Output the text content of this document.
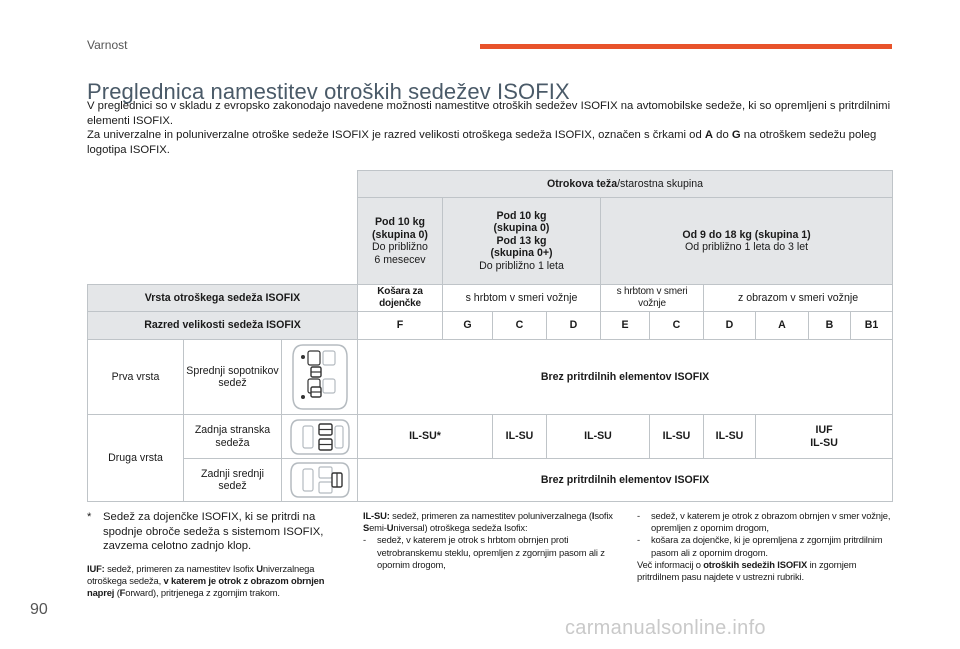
Varnost
Preglednica namestitev otroških sedežev ISOFIX

V preglednici so v skladu z evropsko zakonodajo navedene možnosti namestitve otroških sedežev ISOFIX na avtomobilske sedeže, ki so opremljeni s pritrdilnimi elementi ISOFIX.

Za univerzalne in poluniverzalne otroške sedeže ISOFIX je razred velikosti otroškega sedeža ISOFIX, označen s črkami od A do G na otroškem sedežu poleg logotipa ISOFIX.

			Otrokova teža/starostna skupina									
			Pod 10 kg
(skupina 0)
Do približno
6 mesecev	Pod 10 kg
(skupina 0)
Pod 13 kg
(skupina 0+)
Do približno 1 leta			Od 9 do 18 kg (skupina 1)
Od približno 1 leta do 3 let					
Vrsta otroškega sedeža ISOFIX			Košara za dojenčke	s hrbtom v smeri vožnje			s hrbtom v smeri vožnje		z obrazom v smeri vožnje			
Razred velikosti sedeža ISOFIX			F	G	C	D	E	C	D	A	B	B1
Prva vrsta	Sprednji sopotnikov sedež		Brez pritrdilnih elementov ISOFIX									
Druga vrsta	Zadnja stranska sedeža		IL-SU*		IL-SU	IL-SU		IL-SU	IL-SU	IUF
IL-SU		
	Zadnji srednji sedež		Brez pritrdilnih elementov ISOFIX									
* Sedež za dojenčke ISOFIX, ki se pritrdi na spodnje obroče sedeža s sistemom ISOFIX, zavzema celotno zadnjo klop.
IUF: sedež, primeren za namestitev Isofix Univerzalnega otroškega sedeža, v katerem je otrok z obrazom obrnjen naprej (Forward), pritrjenega z zgornjim trakom.
IL-SU: sedež, primeren za namestitev poluniverzalnega (Isofix Semi-Universal) otroškega sedeža Isofix:
- sedež, v katerem je otrok s hrbtom obrnjen proti vetrobranskemu steklu, opremljen z zgornjim pasom ali z opornim drogom,
- sedež, v katerem je otrok z obrazom obrnjen v smer vožnje, opremljen z opornim drogom,
- košara za dojenčke, ki je opremljena z zgornjim pritrdilnim pasom ali z opornim drogom.
Več informacij o otroških sedežih ISOFIX in zgornjem pritrdilnem pasu najdete v ustrezni rubriki.
90
carmanualsonline.info
